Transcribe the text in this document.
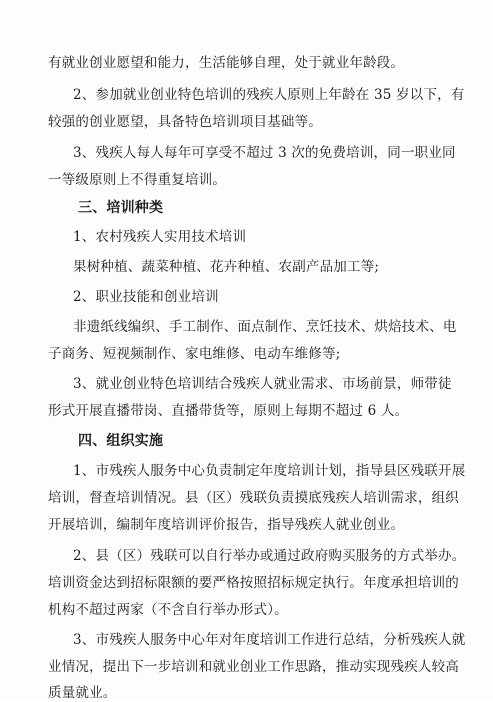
有就业创业愿望和能力，生活能够自理，处于就业年龄段。
2、参加就业创业特色培训的残疾人原则上年龄在 35 岁以下，有
较强的创业愿望，具备特色培训项目基础等。
3、残疾人每人每年可享受不超过 3 次的免费培训，同一职业同
一等级原则上不得重复培训。
三、培训种类
1、农村残疾人实用技术培训
果树种植、蔬菜种植、花卉种植、农副产品加工等;
2、职业技能和创业培训
非遗纸线编织、手工制作、面点制作、烹饪技术、烘焙技术、电
子商务、短视频制作、家电维修、电动车维修等;
3、就业创业特色培训结合残疾人就业需求、市场前景，师带徒
形式开展直播带岗、直播带货等，原则上每期不超过 6 人。
四、组织实施
1、市残疾人服务中心负责制定年度培训计划，指导县区残联开展
培训，督查培训情况。县（区）残联负责摸底残疾人培训需求，组织
开展培训，编制年度培训评价报告，指导残疾人就业创业。
2、县（区）残联可以自行举办或通过政府购买服务的方式举办。
培训资金达到招标限额的要严格按照招标规定执行。年度承担培训的
机构不超过两家（不含自行举办形式）。
3、市残疾人服务中心年对年度培训工作进行总结，分析残疾人就
业情况，提出下一步培训和就业创业工作思路，推动实现残疾人较高
质量就业。
